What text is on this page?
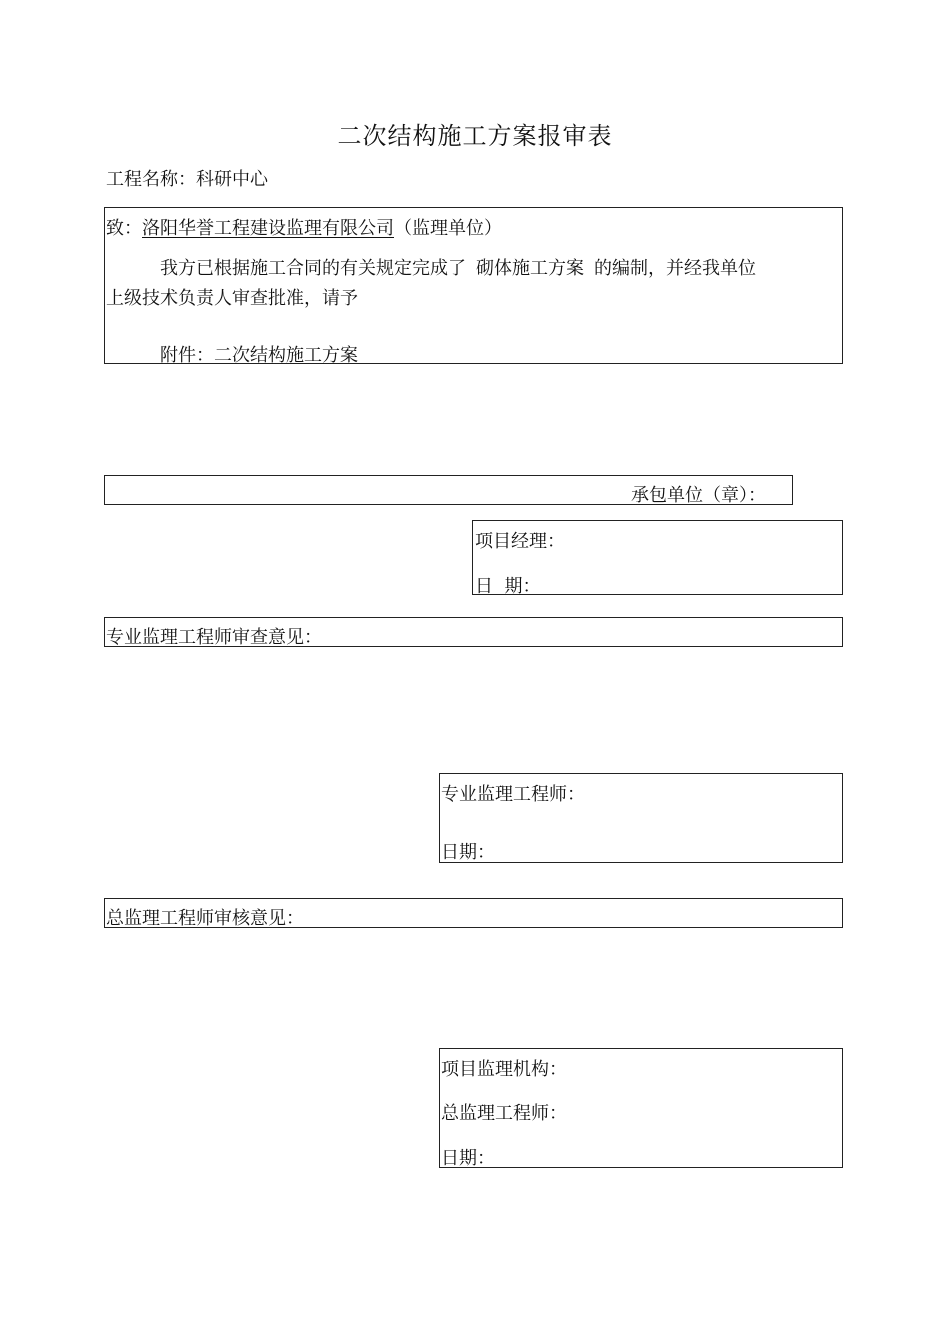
二次结构施工方案报审表
工程名称：科研中心
致：洛阳华誉工程建设监理有限公司（监理单位）
我方已根据施工合同的有关规定完成了 砌体施工方案 的编制，并经我单位
上级技术负责人审查批准，请予
附件：二次结构施工方案
承包单位（章）：
项目经理：
日  期：
专业监理工程师审查意见：
专业监理工程师：
日期：
总监理工程师审核意见：
项目监理机构：
总监理工程师：
日期：
